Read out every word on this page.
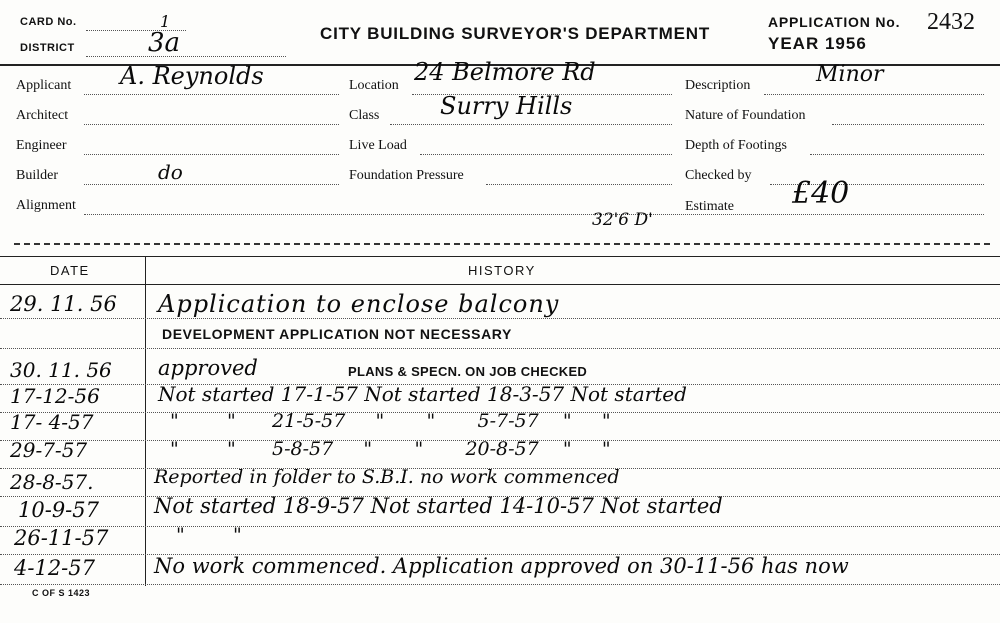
CARD No.	1
DISTRICT	3a	CITY BUILDING SURVEYOR'S DEPARTMENT
APPLICATION No. 2432
YEAR 1956
Applicant A. Reynolds
Architect
Engineer
Builder	do
Alignment
Location 24 Belmore Rd
Class	Surry Hills
Live Load
Foundation Pressure
Description	Minor
Nature of Foundation
Depth of Footings
Checked by
Estimate £40
32'6 D'
DATE	HISTORY
29. 11. 56 Application to enclose balcony
DEVELOPMENT APPLICATION NOT NECESSARY
30. 11. 56 approved	PLANS & SPECN. ON JOB CHECKED
17-12-56	Not started 17-1-57 Not started 18-3-57 Not started
17- 4-57	"        "      21-5-57     "       "       5-7-57    "     "
29-7-57	"        "      5-8-57     "       "       20-8-57    "     "
28-8-57.	Reported in folder to S.B.I. no work commenced
10-9-57	Not started 18-9-57 Not started 14-10-57 Not started
26-11-57	"        "
4-12-57	No work commenced. Application approved on 30-11-56 has now
C OF S 1423
